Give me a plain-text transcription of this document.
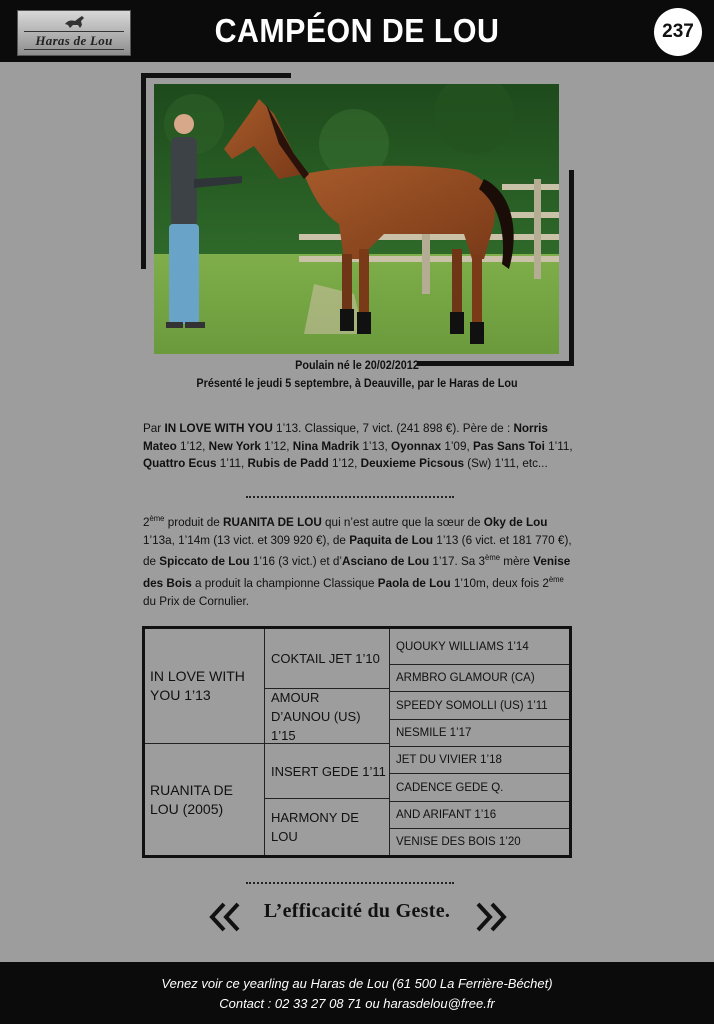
Haras de Lou	CAMPÉON DE LOU	237
Poulain né le 20/02/2012
Présenté le jeudi 5 septembre, à Deauville, par le Haras de Lou
Par IN LOVE WITH YOU 1’13. Classique, 7 vict. (241 898 €). Père de : Norris Mateo 1’12, New York 1’12, Nina Madrik 1’13, Oyonnax 1’09, Pas Sans Toi 1’11, Quattro Ecus 1’11, Rubis de Padd 1’12, Deuxieme Picsous (Sw) 1’11, etc...
2ème produit de RUANITA DE LOU qui n’est autre que la sœur de Oky de Lou 1’13a, 1’14m (13 vict. et 309 920 €), de Paquita de Lou 1’13 (6 vict. et 181 770 €), de Spiccato de Lou 1’16 (3 vict.) et d’Asciano de Lou 1’17. Sa 3ème mère Venise des Bois a produit la championne Classique Paola de Lou 1’10m, deux fois 2ème du Prix de Cornulier.
IN LOVE WITH YOU 1’13
RUANITA DE LOU (2005)
COKTAIL JET 1’10
AMOUR D’AUNOU (US) 1’15
INSERT GEDE 1’11
HARMONY DE LOU
QUOUKY WILLIAMS 1’14
ARMBRO GLAMOUR (CA)
SPEEDY SOMOLLI (US) 1’11
NESMILE 1’17
JET DU VIVIER 1’18
CADENCE GEDE Q.
AND ARIFANT 1’16
VENISE DES BOIS 1’20
L’efficacité du Geste.
Venez voir ce yearling au Haras de Lou (61 500 La Ferrière-Béchet)
Contact : 02 33 27 08 71 ou harasdelou@free.fr
